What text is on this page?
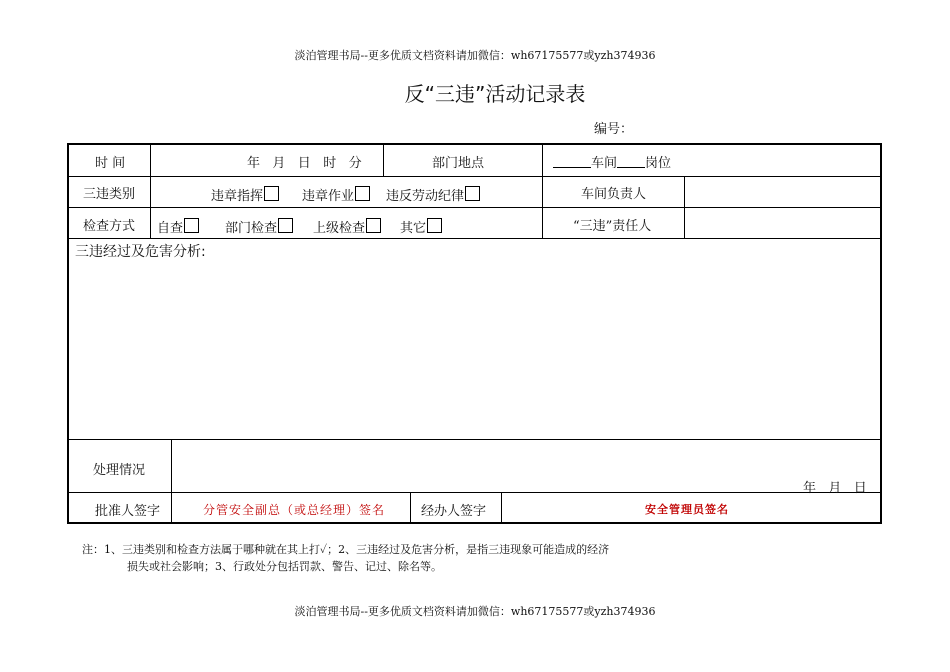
淡泊管理书局--更多优质文档资料请加微信：wh67175577或yzh374936
反“三违”活动记录表
编号：
时 间	年   月   日   时   分	部门地点	车间 岗位
三违类别	违章指挥	违章作业	违反劳动纪律	车间负责人
检查方式 自查	部门检查	上级检查	其它	“三违”责任人
三违经过及危害分析:
处理情况
年   月   日
批准人签字	分管安全副总（或总经理）签名	经办人签字	安全管理员签名
注：1、三违类别和检查方法属于哪种就在其上打✓；2、三违经过及危害分析，是指三违现象可能造成的经济
损失或社会影响；3、行政处分包括罚款、警告、记过、除名等。
淡泊管理书局--更多优质文档资料请加微信：wh67175577或yzh374936
